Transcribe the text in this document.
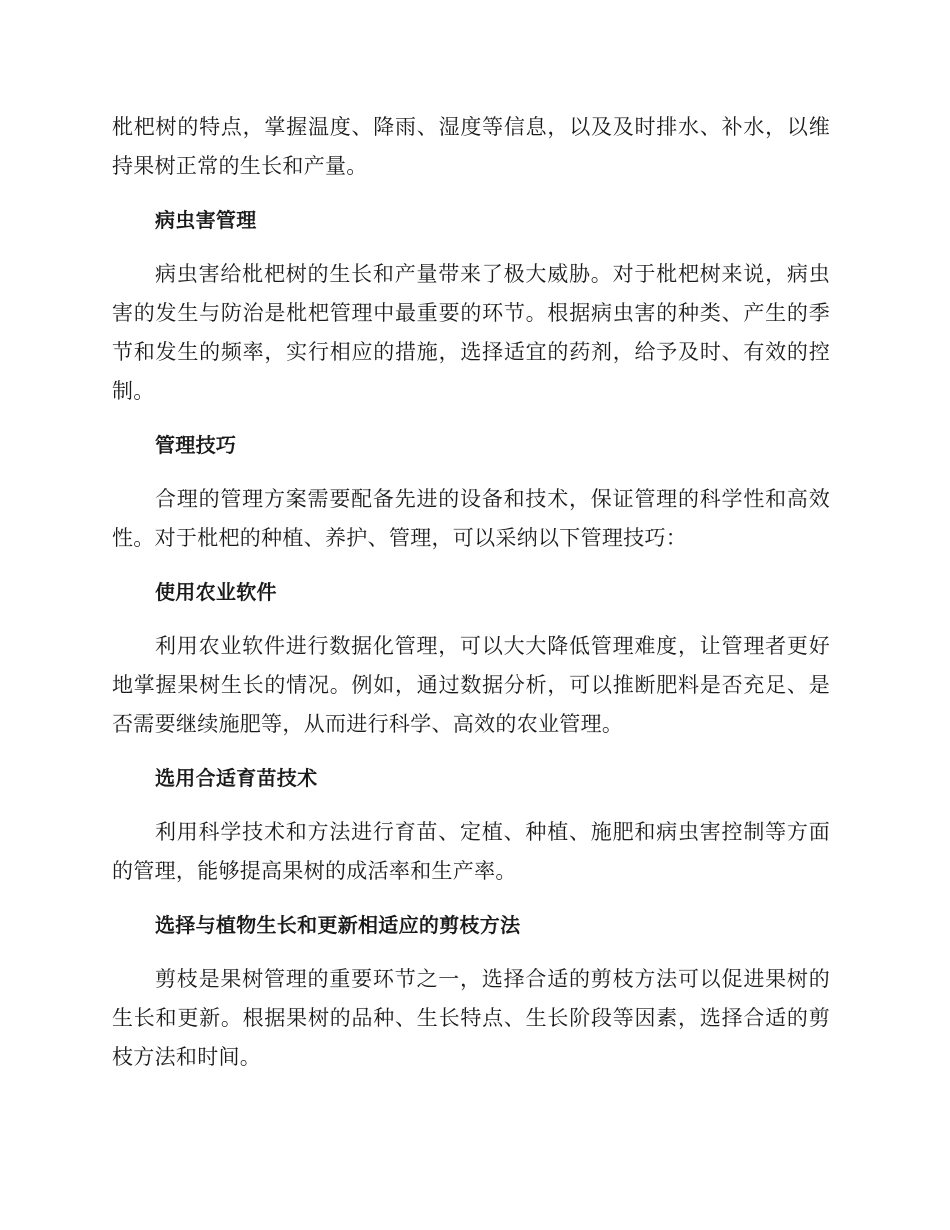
枇杷树的特点，掌握温度、降雨、湿度等信息，以及及时排水、补水，以维持果树正常的生长和产量。

病虫害管理

病虫害给枇杷树的生长和产量带来了极大威胁。对于枇杷树来说，病虫害的发生与防治是枇杷管理中最重要的环节。根据病虫害的种类、产生的季节和发生的频率，实行相应的措施，选择适宜的药剂，给予及时、有效的控制。

管理技巧

合理的管理方案需要配备先进的设备和技术，保证管理的科学性和高效性。对于枇杷的种植、养护、管理，可以采纳以下管理技巧：

使用农业软件

利用农业软件进行数据化管理，可以大大降低管理难度，让管理者更好地掌握果树生长的情况。例如，通过数据分析，可以推断肥料是否充足、是否需要继续施肥等，从而进行科学、高效的农业管理。

选用合适育苗技术

利用科学技术和方法进行育苗、定植、种植、施肥和病虫害控制等方面的管理，能够提高果树的成活率和生产率。

选择与植物生长和更新相适应的剪枝方法

剪枝是果树管理的重要环节之一，选择合适的剪枝方法可以促进果树的生长和更新。根据果树的品种、生长特点、生长阶段等因素，选择合适的剪枝方法和时间。
